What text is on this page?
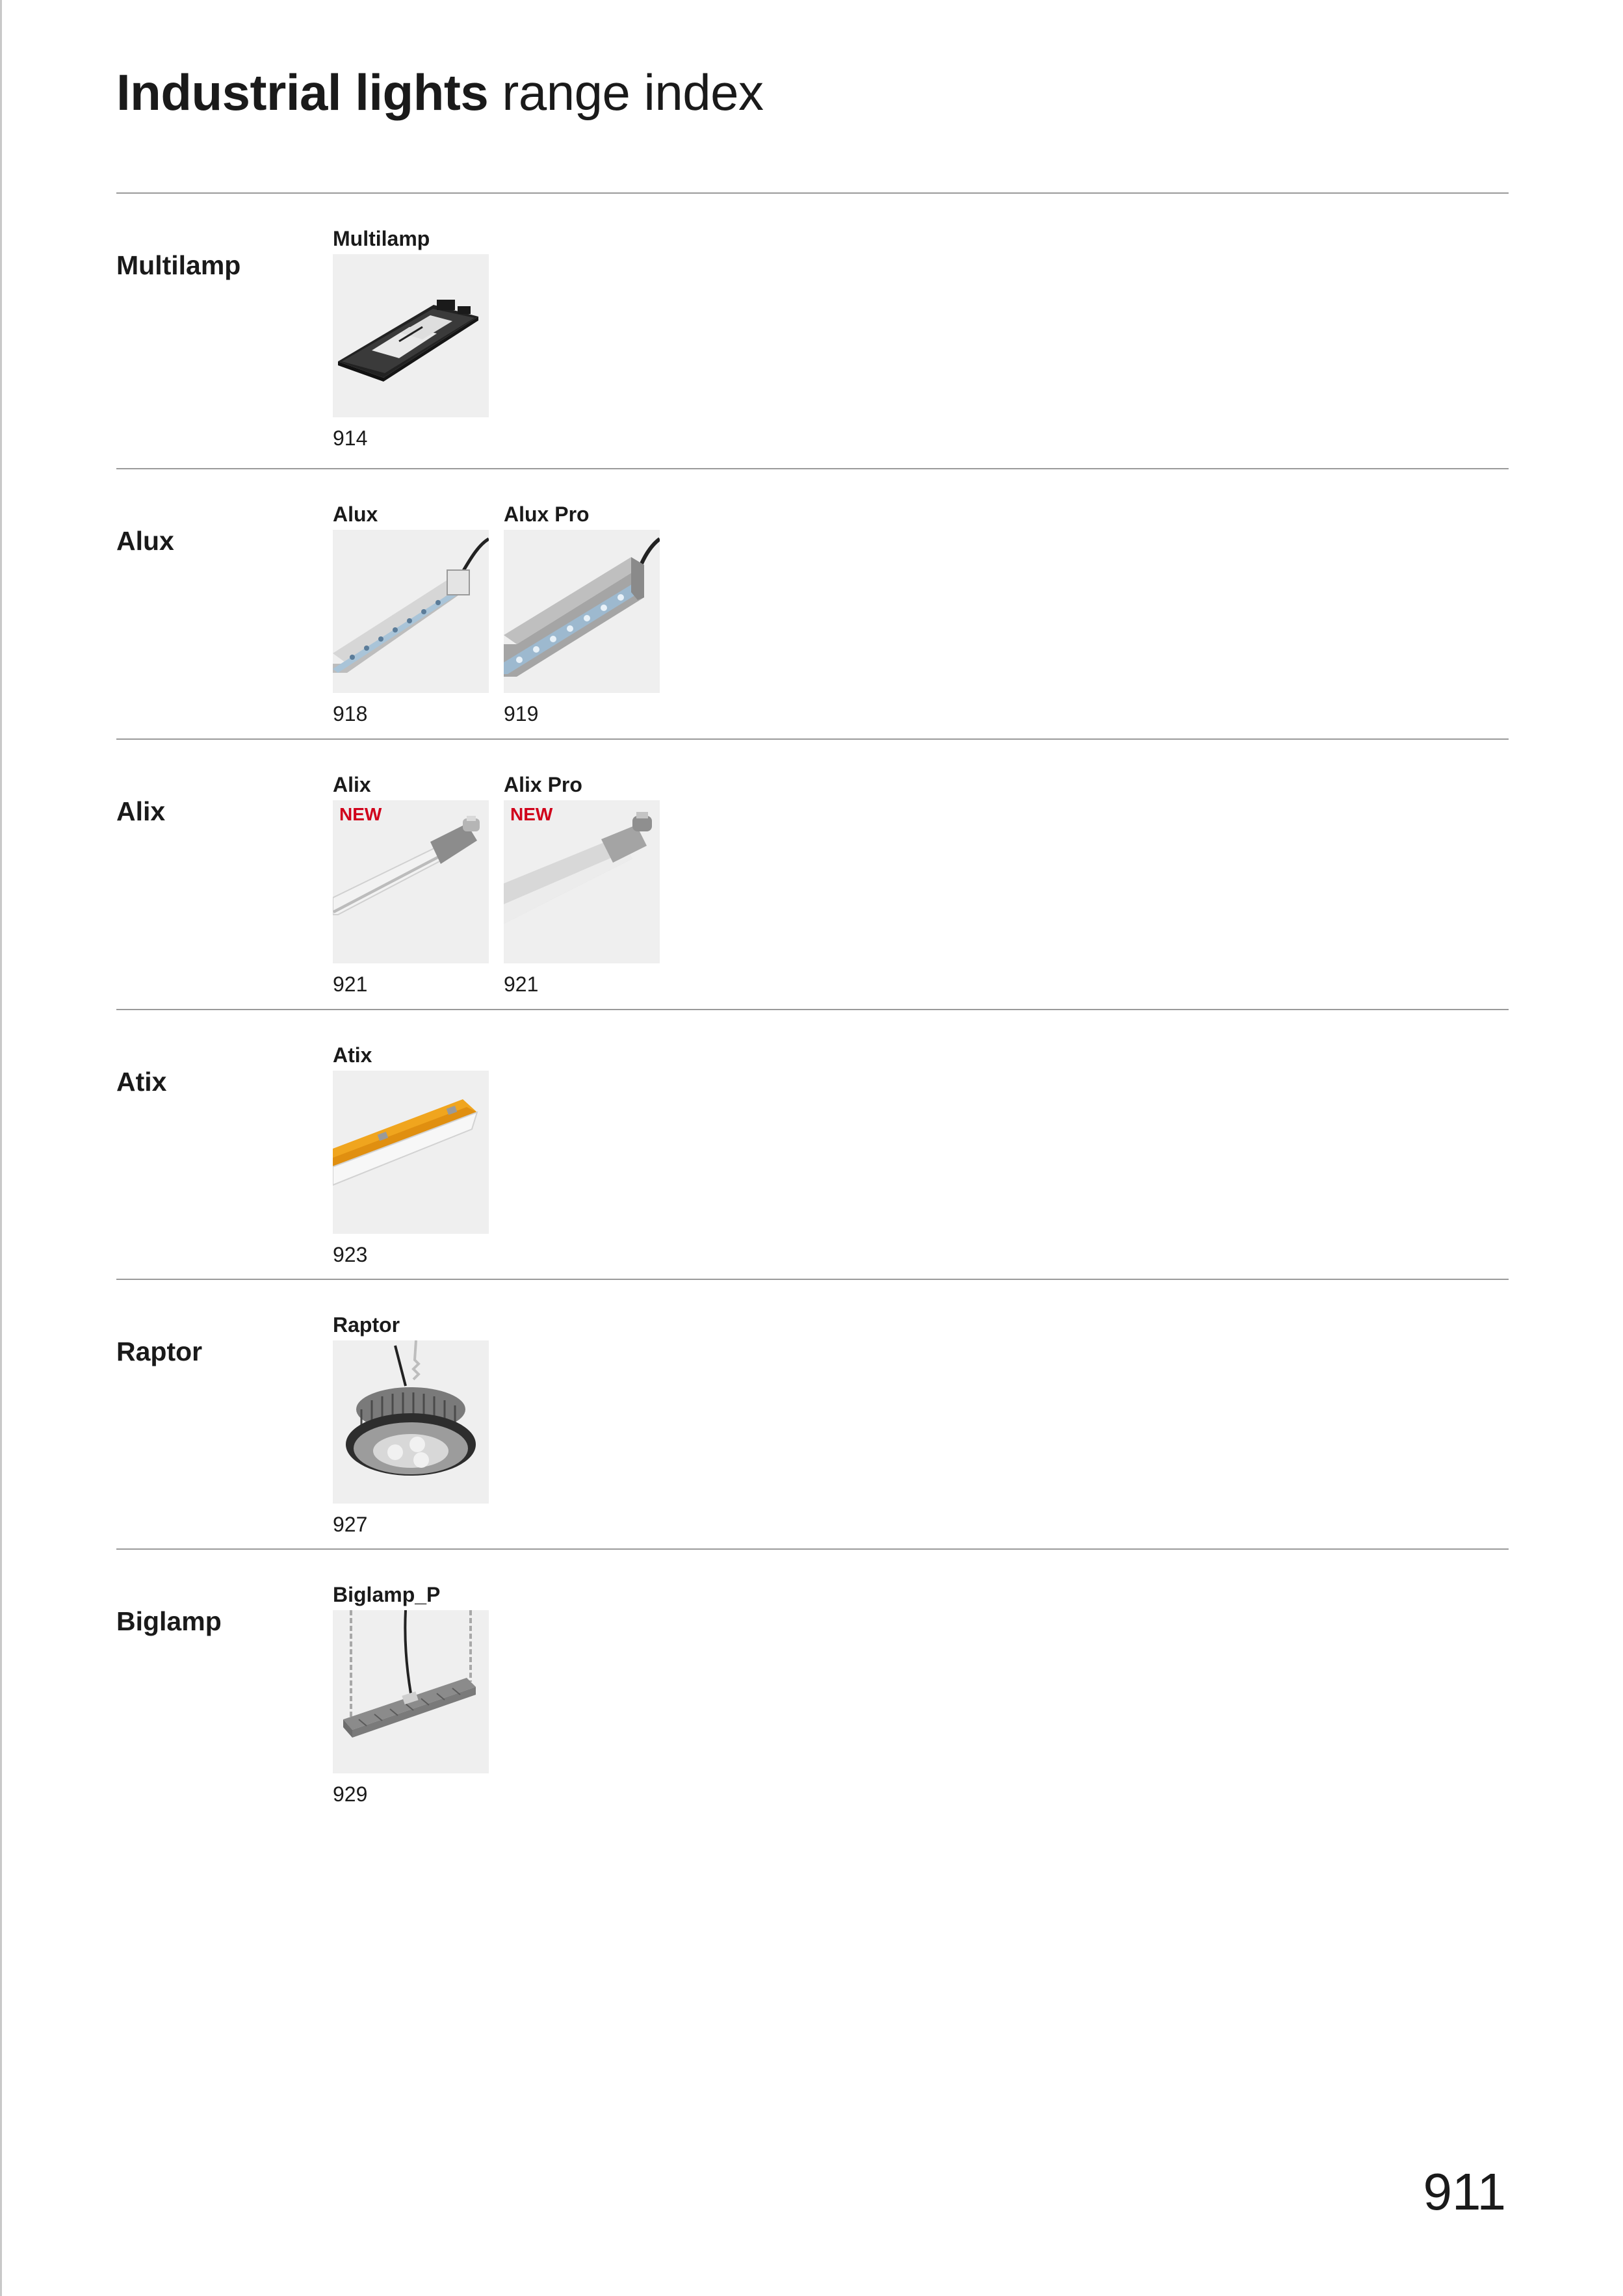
Industrial lights range index
Multilamp
Multilamp
914
Alux
Alux
918
Alux Pro
919
Alix
Alix
NEW
921
Alix Pro
NEW
921
Atix
Atix
923
Raptor
Raptor
927
Biglamp
Biglamp_P
929
911
